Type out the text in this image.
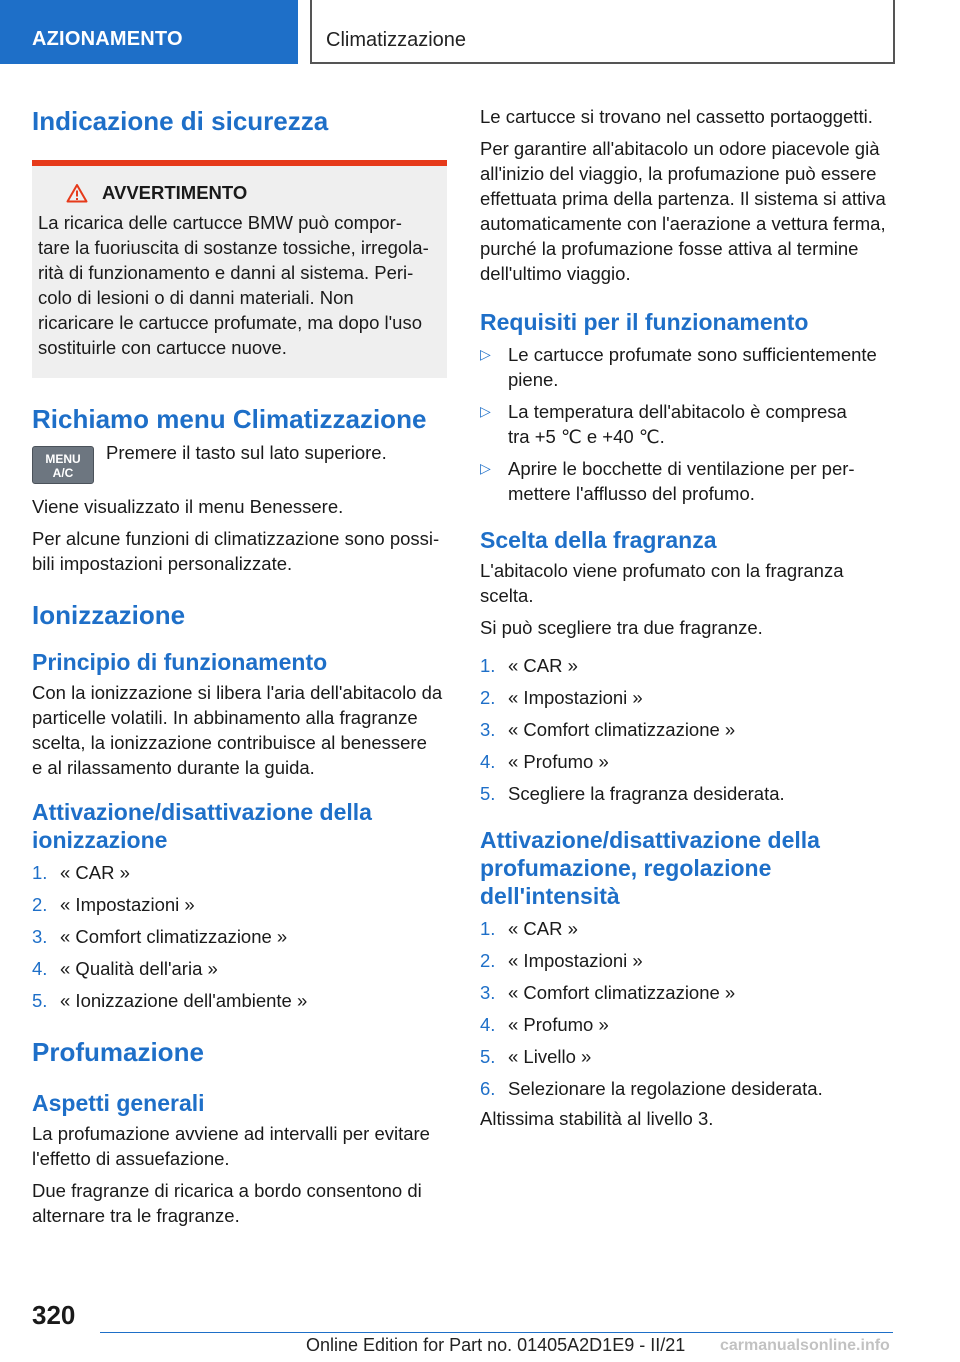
AZIONAMENTO	Climatizzazione
Indicazione di sicurezza
AVVERTIMENTO

La ricarica delle cartucce BMW può compor-

tare la fuoriuscita di sostanze tossiche, irregola-

rità di funzionamento e danni al sistema. Peri-

colo di lesioni o di danni materiali. Non

ricaricare le cartucce profumate, ma dopo l'uso

sostituirle con cartucce nuove.

Richiamo menu Climatizzazione
MENU
A/C

Premere il tasto sul lato superiore.

Viene visualizzato il menu Benessere.

Per alcune funzioni di climatizzazione sono possi-

bili impostazioni personalizzate.

Ionizzazione
Principio di funzionamento

Con la ionizzazione si libera l'aria dell'abitacolo da

particelle volatili. In abbinamento alla fragranze

scelta, la ionizzazione contribuisce al benessere

e al rilassamento durante la guida.

Attivazione/disattivazione della
ionizzazione
1. « CAR »
2. « Impostazioni »
3. « Comfort climatizzazione »
4. « Qualità dell'aria »
5. « Ionizzazione dell'ambiente »
Profumazione
Aspetti generali

La profumazione avviene ad intervalli per evitare

l'effetto di assuefazione.

Due fragranze di ricarica a bordo consentono di

alternare tra le fragranze.

Le cartucce si trovano nel cassetto portaoggetti.

Per garantire all'abitacolo un odore piacevole già

all'inizio del viaggio, la profumazione può essere

effettuata prima della partenza. Il sistema si attiva

automaticamente con l'aerazione a vettura ferma,

purché la profumazione fosse attiva al termine

dell'ultimo viaggio.

Requisiti per il funzionamento
▷ Le cartucce profumate sono sufficientemente
piene.
▷ La temperatura dell'abitacolo è compresa
tra +5 ℃ e +40 ℃.
▷ Aprire le bocchette di ventilazione per per-
mettere l'afflusso del profumo.
Scelta della fragranza

L'abitacolo viene profumato con la fragranza

scelta.

Si può scegliere tra due fragranze.

1. « CAR »
2. « Impostazioni »
3. « Comfort climatizzazione »
4. « Profumo »
5. Scegliere la fragranza desiderata.
Attivazione/disattivazione della
profumazione, regolazione
dell'intensità
1. « CAR »
2. « Impostazioni »
3. « Comfort climatizzazione »
4. « Profumo »
5. « Livello »
6. Selezionare la regolazione desiderata.

Altissima stabilità al livello 3.

320
Online Edition for Part no. 01405A2D1E9 - II/21 carmanualsonline.info
